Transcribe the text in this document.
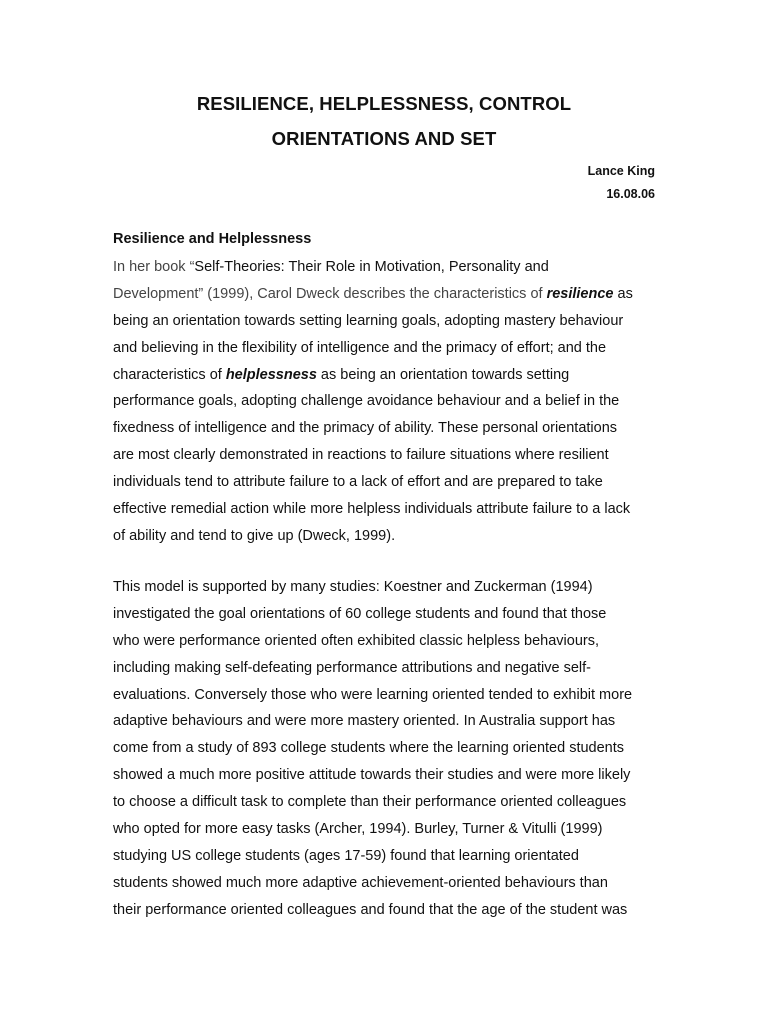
RESILIENCE, HELPLESSNESS, CONTROL
ORIENTATIONS AND SET
Lance King
16.08.06
Resilience and Helplessness
In her book “Self-Theories: Their Role in Motivation, Personality and
Development” (1999), Carol Dweck describes the characteristics of resilience as
being an orientation towards setting learning goals, adopting mastery behaviour
and believing in the flexibility of intelligence and the primacy of effort; and the
characteristics of helplessness as being an orientation towards setting
performance goals, adopting challenge avoidance behaviour and a belief in the
fixedness of intelligence and the primacy of ability. These personal orientations
are most clearly demonstrated in reactions to failure situations where resilient
individuals tend to attribute failure to a lack of effort and are prepared to take
effective remedial action while more helpless individuals attribute failure to a lack
of ability and tend to give up (Dweck, 1999).
This model is supported by many studies: Koestner and Zuckerman (1994)
investigated the goal orientations of 60 college students and found that those
who were performance oriented often exhibited classic helpless behaviours,
including making self-defeating performance attributions and negative self-
evaluations. Conversely those who were learning oriented tended to exhibit more
adaptive behaviours and were more mastery oriented. In Australia support has
come from a study of 893 college students where the learning oriented students
showed a much more positive attitude towards their studies and were more likely
to choose a difficult task to complete than their performance oriented colleagues
who opted for more easy tasks (Archer, 1994). Burley, Turner & Vitulli (1999)
studying US college students (ages 17-59) found that learning orientated
students showed much more adaptive achievement-oriented behaviours than
their performance oriented colleagues and found that the age of the student was
